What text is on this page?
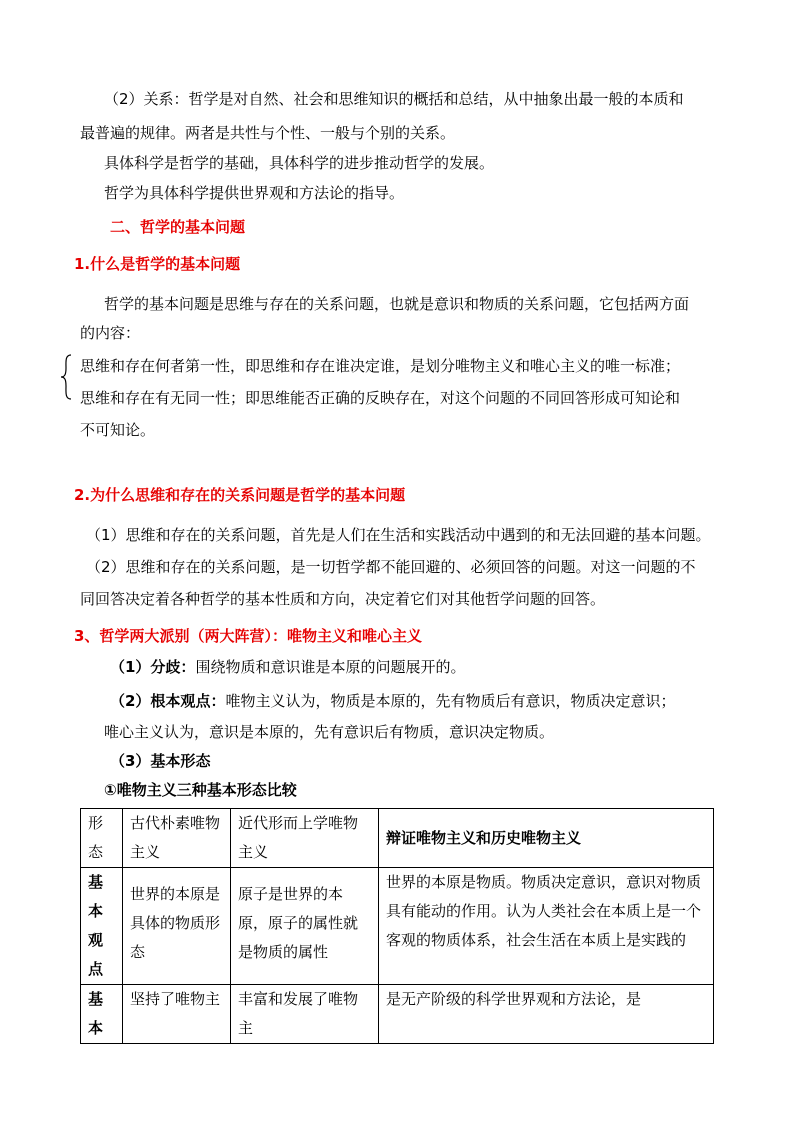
（2）关系：哲学是对自然、社会和思维知识的概括和总结，从中抽象出最一般的本质和
最普遍的规律。两者是共性与个性、一般与个别的关系。
具体科学是哲学的基础，具体科学的进步推动哲学的发展。
哲学为具体科学提供世界观和方法论的指导。
二、哲学的基本问题
1.什么是哲学的基本问题
哲学的基本问题是思维与存在的关系问题，也就是意识和物质的关系问题，它包括两方面
的内容：
思维和存在何者第一性，即思维和存在谁决定谁，是划分唯物主义和唯心主义的唯一标准；
思维和存在有无同一性；即思维能否正确的反映存在，对这个问题的不同回答形成可知论和
不可知论。
2.为什么思维和存在的关系问题是哲学的基本问题
（1）思维和存在的关系问题，首先是人们在生活和实践活动中遇到的和无法回避的基本问题。
（2）思维和存在的关系问题，是一切哲学都不能回避的、必须回答的问题。对这一问题的不
同回答决定着各种哲学的基本性质和方向，决定着它们对其他哲学问题的回答。
3、哲学两大派别（两大阵营）：唯物主义和唯心主义
（1）分歧：围绕物质和意识谁是本原的问题展开的。
（2）根本观点：唯物主义认为，物质是本原的，先有物质后有意识，物质决定意识；
唯心主义认为，意识是本原的，先有意识后有物质，意识决定物质。
（3）基本形态
①唯物主义三种基本形态比较
形态	古代朴素唯物主义	近代形而上学唯物主义	辩证唯物主义和历史唯物主义
基本观点	世界的本原是具体的物质形态	原子是世界的本原，原子的属性就是物质的属性	世界的本原是物质。物质决定意识，意识对物质具有能动的作用。认为人类社会在本质上是一个客观的物质体系，社会生活在本质上是实践的
基本	坚持了唯物主	丰富和发展了唯物主	是无产阶级的科学世界观和方法论，是
